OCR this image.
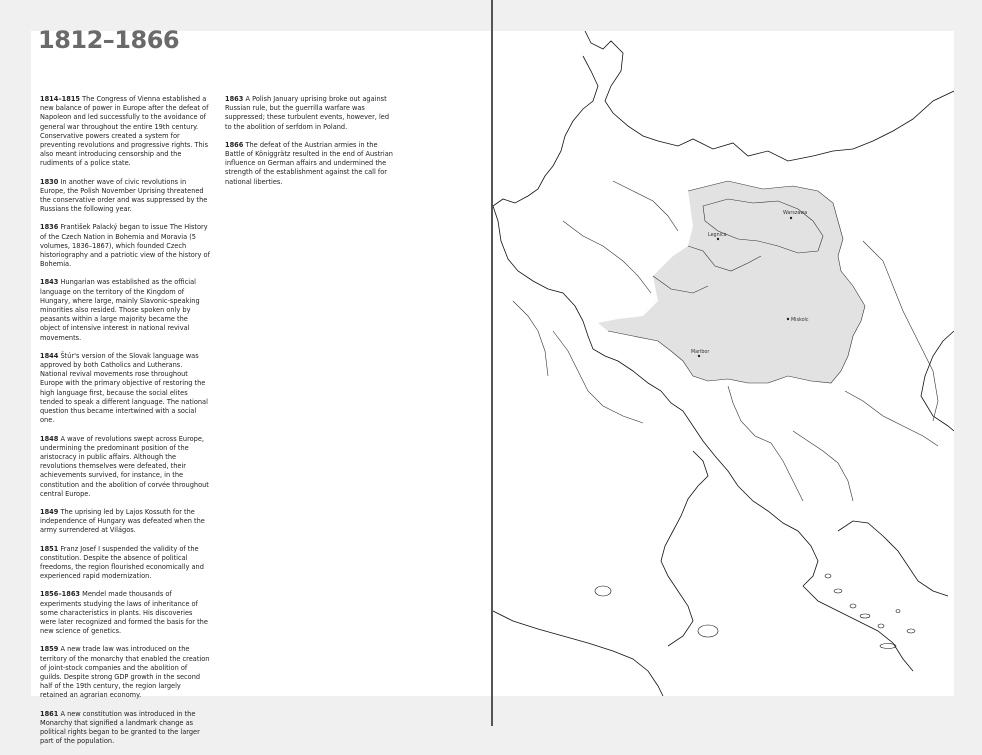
Warszawa
Legnica
Miskolc
Maribor
1812–1866

1814–1815 The Congress of Vienna established a new balance of power in Europe after the defeat of Napoleon and led successfully to the avoidance of general war throughout the entire 19th century. Conservative powers created a system for preventing revolutions and progressive rights. This also meant introducing censorship and the rudiments of a police state.

1830 In another wave of civic revolutions in Europe, the Polish November Uprising threatened the conservative order and was suppressed by the Russians the following year.

1836 František Palacký began to issue The History of the Czech Nation in Bohemia and Moravia (5 volumes, 1836–1867), which founded Czech historiography and a patriotic view of the history of Bohemia.

1843 Hungarian was established as the official language on the territory of the Kingdom of Hungary, where large, mainly Slavonic-speaking minorities also resided. Those spoken only by peasants within a large majority became the object of intensive interest in national revival movements.

1844 Štúr's version of the Slovak language was approved by both Catholics and Lutherans. National revival movements rose throughout Europe with the primary objective of restoring the high language first, because the social elites tended to speak a different language. The national question thus became intertwined with a social one.

1848 A wave of revolutions swept across Europe, undermining the predominant position of the aristocracy in public affairs. Although the revolutions themselves were defeated, their achievements survived, for instance, in the constitution and the abolition of corvée throughout central Europe.

1849 The uprising led by Lajos Kossuth for the independence of Hungary was defeated when the army surrendered at Világos.

1851 Franz Josef I suspended the validity of the constitution. Despite the absence of political freedoms, the region flourished economically and experienced rapid modernization.

1856–1863 Mendel made thousands of experiments studying the laws of inheritance of some characteristics in plants. His discoveries were later recognized and formed the basis for the new science of genetics.

1859 A new trade law was introduced on the territory of the monarchy that enabled the creation of joint-stock companies and the abolition of guilds. Despite strong GDP growth in the second half of the 19th century, the region largely retained an agrarian economy.

1861 A new constitution was introduced in the Monarchy that signified a landmark change as political rights began to be granted to the larger part of the population.

1863 A Polish January uprising broke out against Russian rule, but the guerrilla warfare was suppressed; these turbulent events, however, led to the abolition of serfdom in Poland.

1866 The defeat of the Austrian armies in the Battle of Königgrätz resulted in the end of Austrian influence on German affairs and undermined the strength of the establishment against the call for national liberties.
